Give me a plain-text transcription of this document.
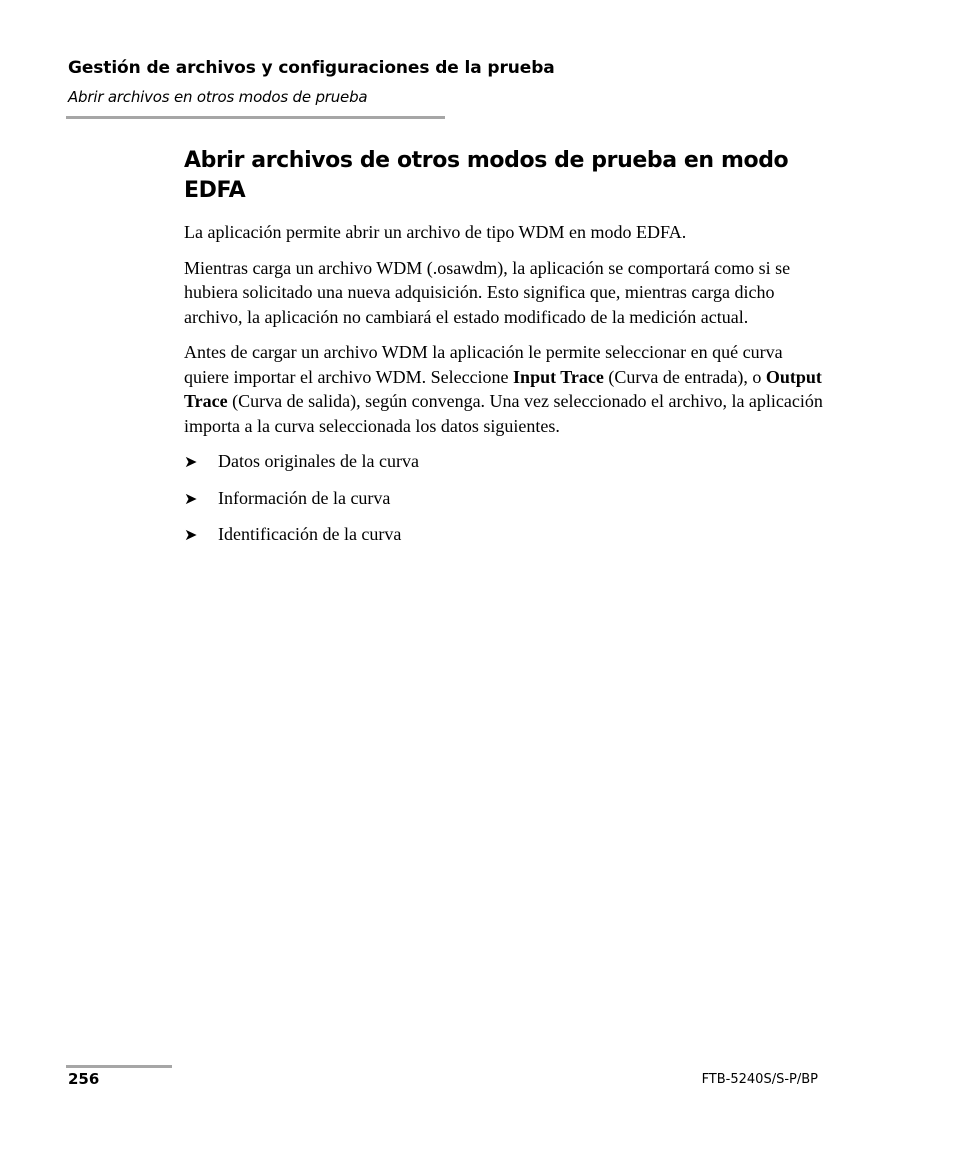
Gestión de archivos y configuraciones de la prueba
Abrir archivos en otros modos de prueba
Abrir archivos de otros modos de prueba en modo EDFA

La aplicación permite abrir un archivo de tipo WDM en modo EDFA.

Mientras carga un archivo WDM (.osawdm), la aplicación se comportará como si se hubiera solicitado una nueva adquisición. Esto significa que, mientras carga dicho archivo, la aplicación no cambiará el estado modificado de la medición actual.

Antes de cargar un archivo WDM la aplicación le permite seleccionar en qué curva quiere importar el archivo WDM. Seleccione Input Trace (Curva de entrada), o Output Trace (Curva de salida), según convenga. Una vez seleccionado el archivo, la aplicación importa a la curva seleccionada los datos siguientes.

➤ Datos originales de la curva
➤ Información de la curva
➤ Identificación de la curva
256	FTB-5240S/S-P/BP
